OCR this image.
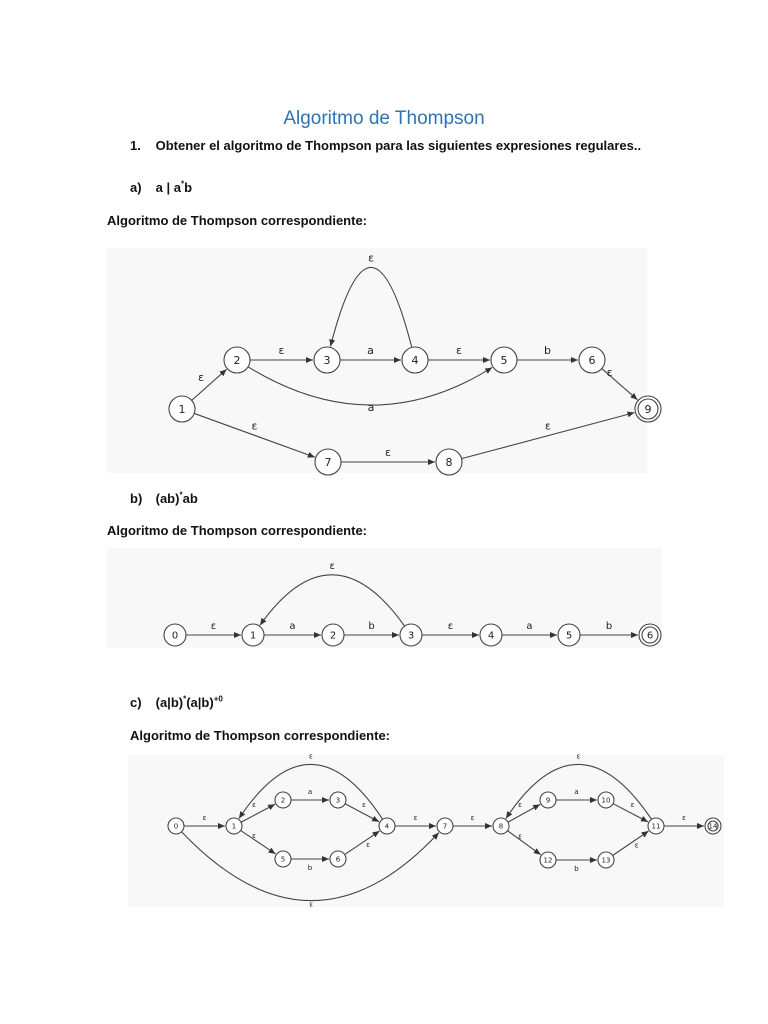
Algoritmo de Thompson
1. Obtener el algoritmo de Thompson para las siguientes expresiones regulares..
a) a | a*b
Algoritmo de Thompson correspondiente:
ε
ε	a	ε	b
ε
ε
a
ε
ε
ε
1
2	3	4	5	6
7	8
9
b) (ab)*ab
Algoritmo de Thompson correspondiente:
ε	a	b	ε	a	b
ε
0	1	2	3	4	5	6
c) $(a|b)^*(a|b)^{+0}$
Algoritmo de Thompson correspondiente:
ε
ε
a
ε
ε
b
ε
ε
ε
ε
ε
ε
a
ε
ε
b
ε
ε
ε
0	1
2	3
4
5	6
7	8
9	10
11
12	13
14
